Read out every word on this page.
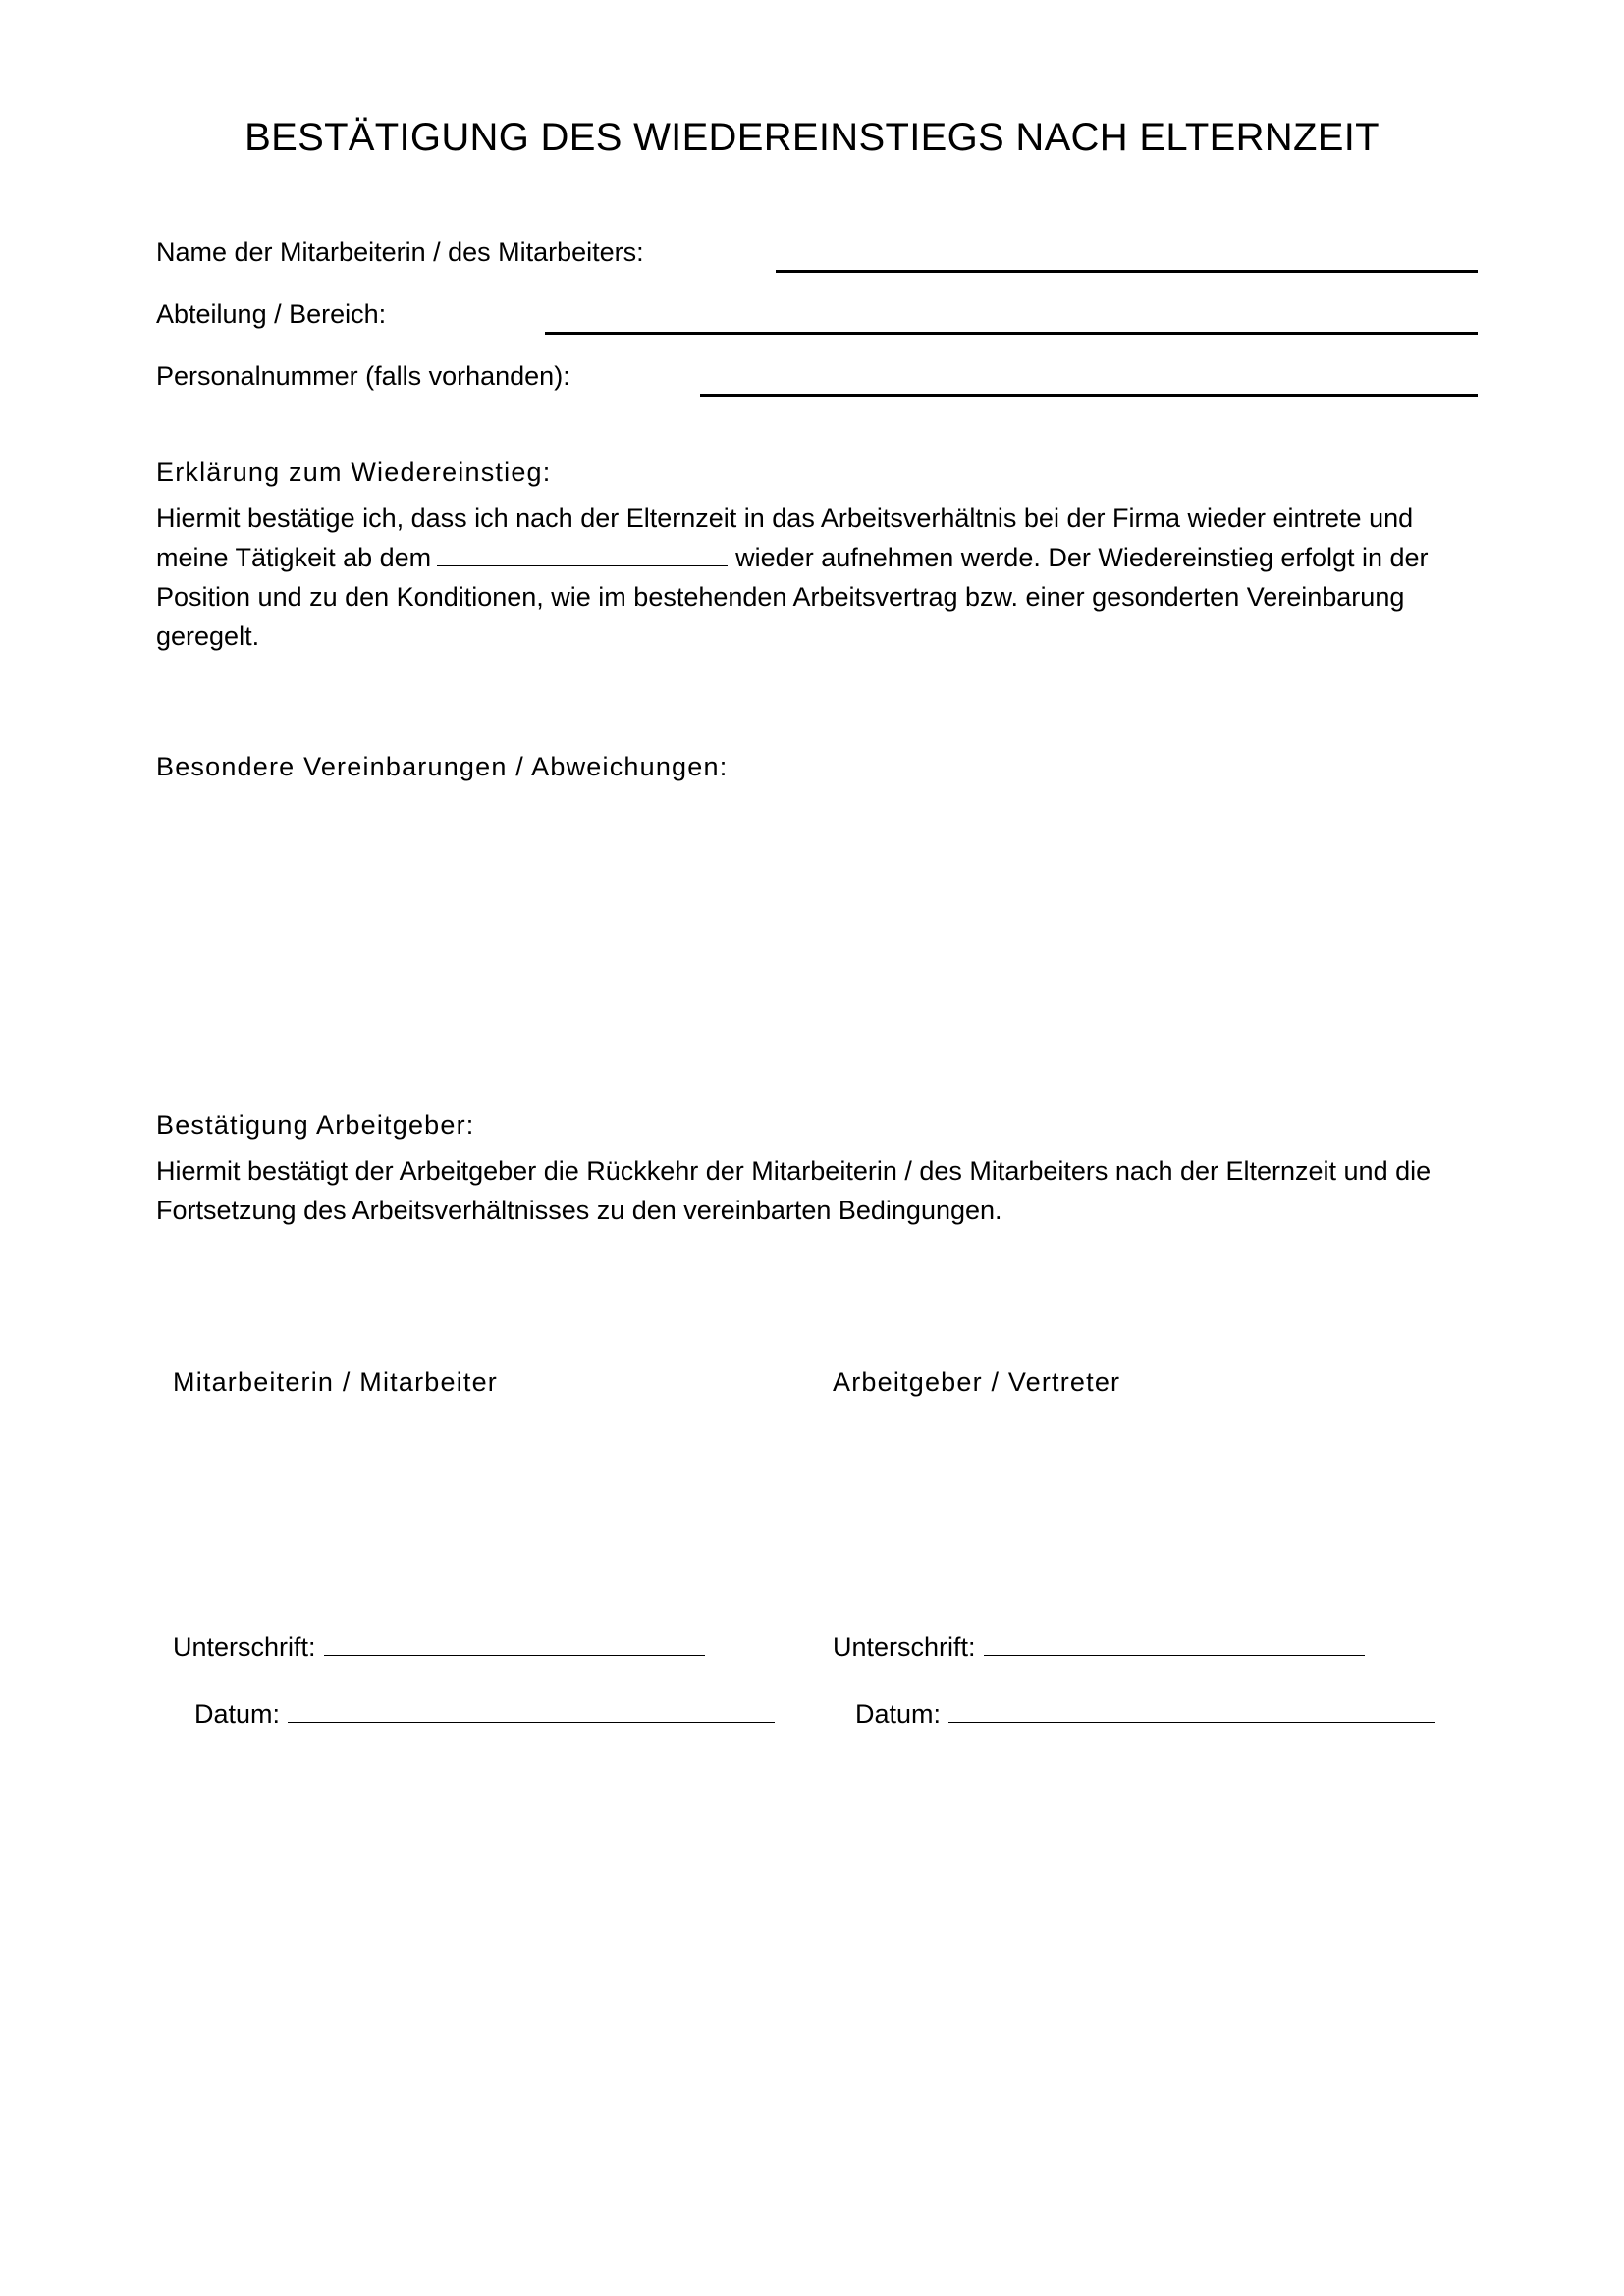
BESTÄTIGUNG DES WIEDEREINSTIEGS NACH ELTERNZEIT
Name der Mitarbeiterin / des Mitarbeiters:
Abteilung / Bereich:
Personalnummer (falls vorhanden):
Erklärung zum Wiedereinstieg:
Hiermit bestätige ich, dass ich nach der Elternzeit in das Arbeitsverhältnis bei der Firma wieder eintrete und
meine Tätigkeit ab dem	wieder aufnehmen werde. Der Wiedereinstieg erfolgt in der
Position und zu den Konditionen, wie im bestehenden Arbeitsvertrag bzw. einer gesonderten Vereinbarung
geregelt.
Besondere Vereinbarungen / Abweichungen:
Bestätigung Arbeitgeber:
Hiermit bestätigt der Arbeitgeber die Rückkehr der Mitarbeiterin / des Mitarbeiters nach der Elternzeit und die
Fortsetzung des Arbeitsverhältnisses zu den vereinbarten Bedingungen.
Mitarbeiterin / Mitarbeiter
Unterschrift:
Datum:
Arbeitgeber / Vertreter
Unterschrift:
Datum:
